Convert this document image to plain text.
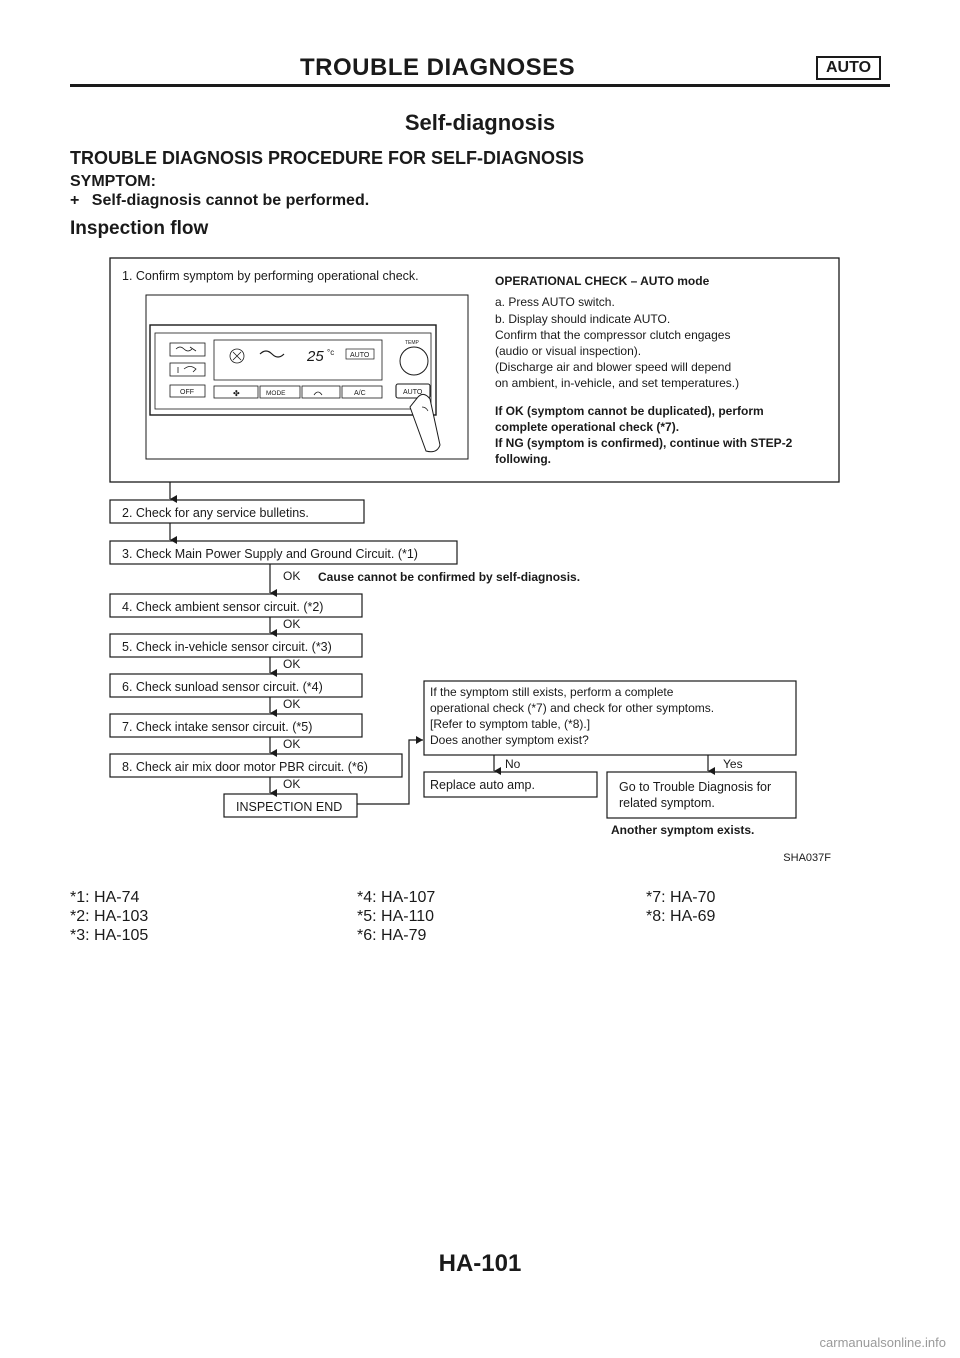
TROUBLE DIAGNOSES	AUTO
Self-diagnosis
TROUBLE DIAGNOSIS PROCEDURE FOR SELF-DIAGNOSIS
SYMPTOM:
+ Self-diagnosis cannot be performed.
Inspection flow
1. Confirm symptom by performing operational check.
OFF
25 °c AUTO
✤	MODE	A/C
TEMP
AUTO
OPERATIONAL CHECK – AUTO mode
a. Press AUTO switch.
b. Display should indicate AUTO.
Confirm that the compressor clutch engages
(audio or visual inspection).
(Discharge air and blower speed will depend
on ambient, in-vehicle, and set temperatures.)
If OK (symptom cannot be duplicated), perform
complete operational check (*7).
If NG (symptom is confirmed), continue with STEP-2
following.
2. Check for any service bulletins.
3. Check Main Power Supply and Ground Circuit. (*1)
OK Cause cannot be confirmed by self-diagnosis.
4. Check ambient sensor circuit. (*2)
OK
5. Check in-vehicle sensor circuit. (*3)
OK
6. Check sunload sensor circuit. (*4)
OK
7. Check intake sensor circuit. (*5)
OK
8. Check air mix door motor PBR circuit. (*6)
OK
INSPECTION END
If the symptom still exists, perform a complete
operational check (*7) and check for other symptoms.
[Refer to symptom table, (*8).]
Does another symptom exist?
No
Replace auto amp.
Yes
Go to Trouble Diagnosis for
related symptom.
Another symptom exists.
SHA037F
*1: HA-74
*2: HA-103
*3: HA-105
*4: HA-107
*5: HA-110
*6: HA-79
*7: HA-70
*8: HA-69
HA-101
carmanualsonline.info
